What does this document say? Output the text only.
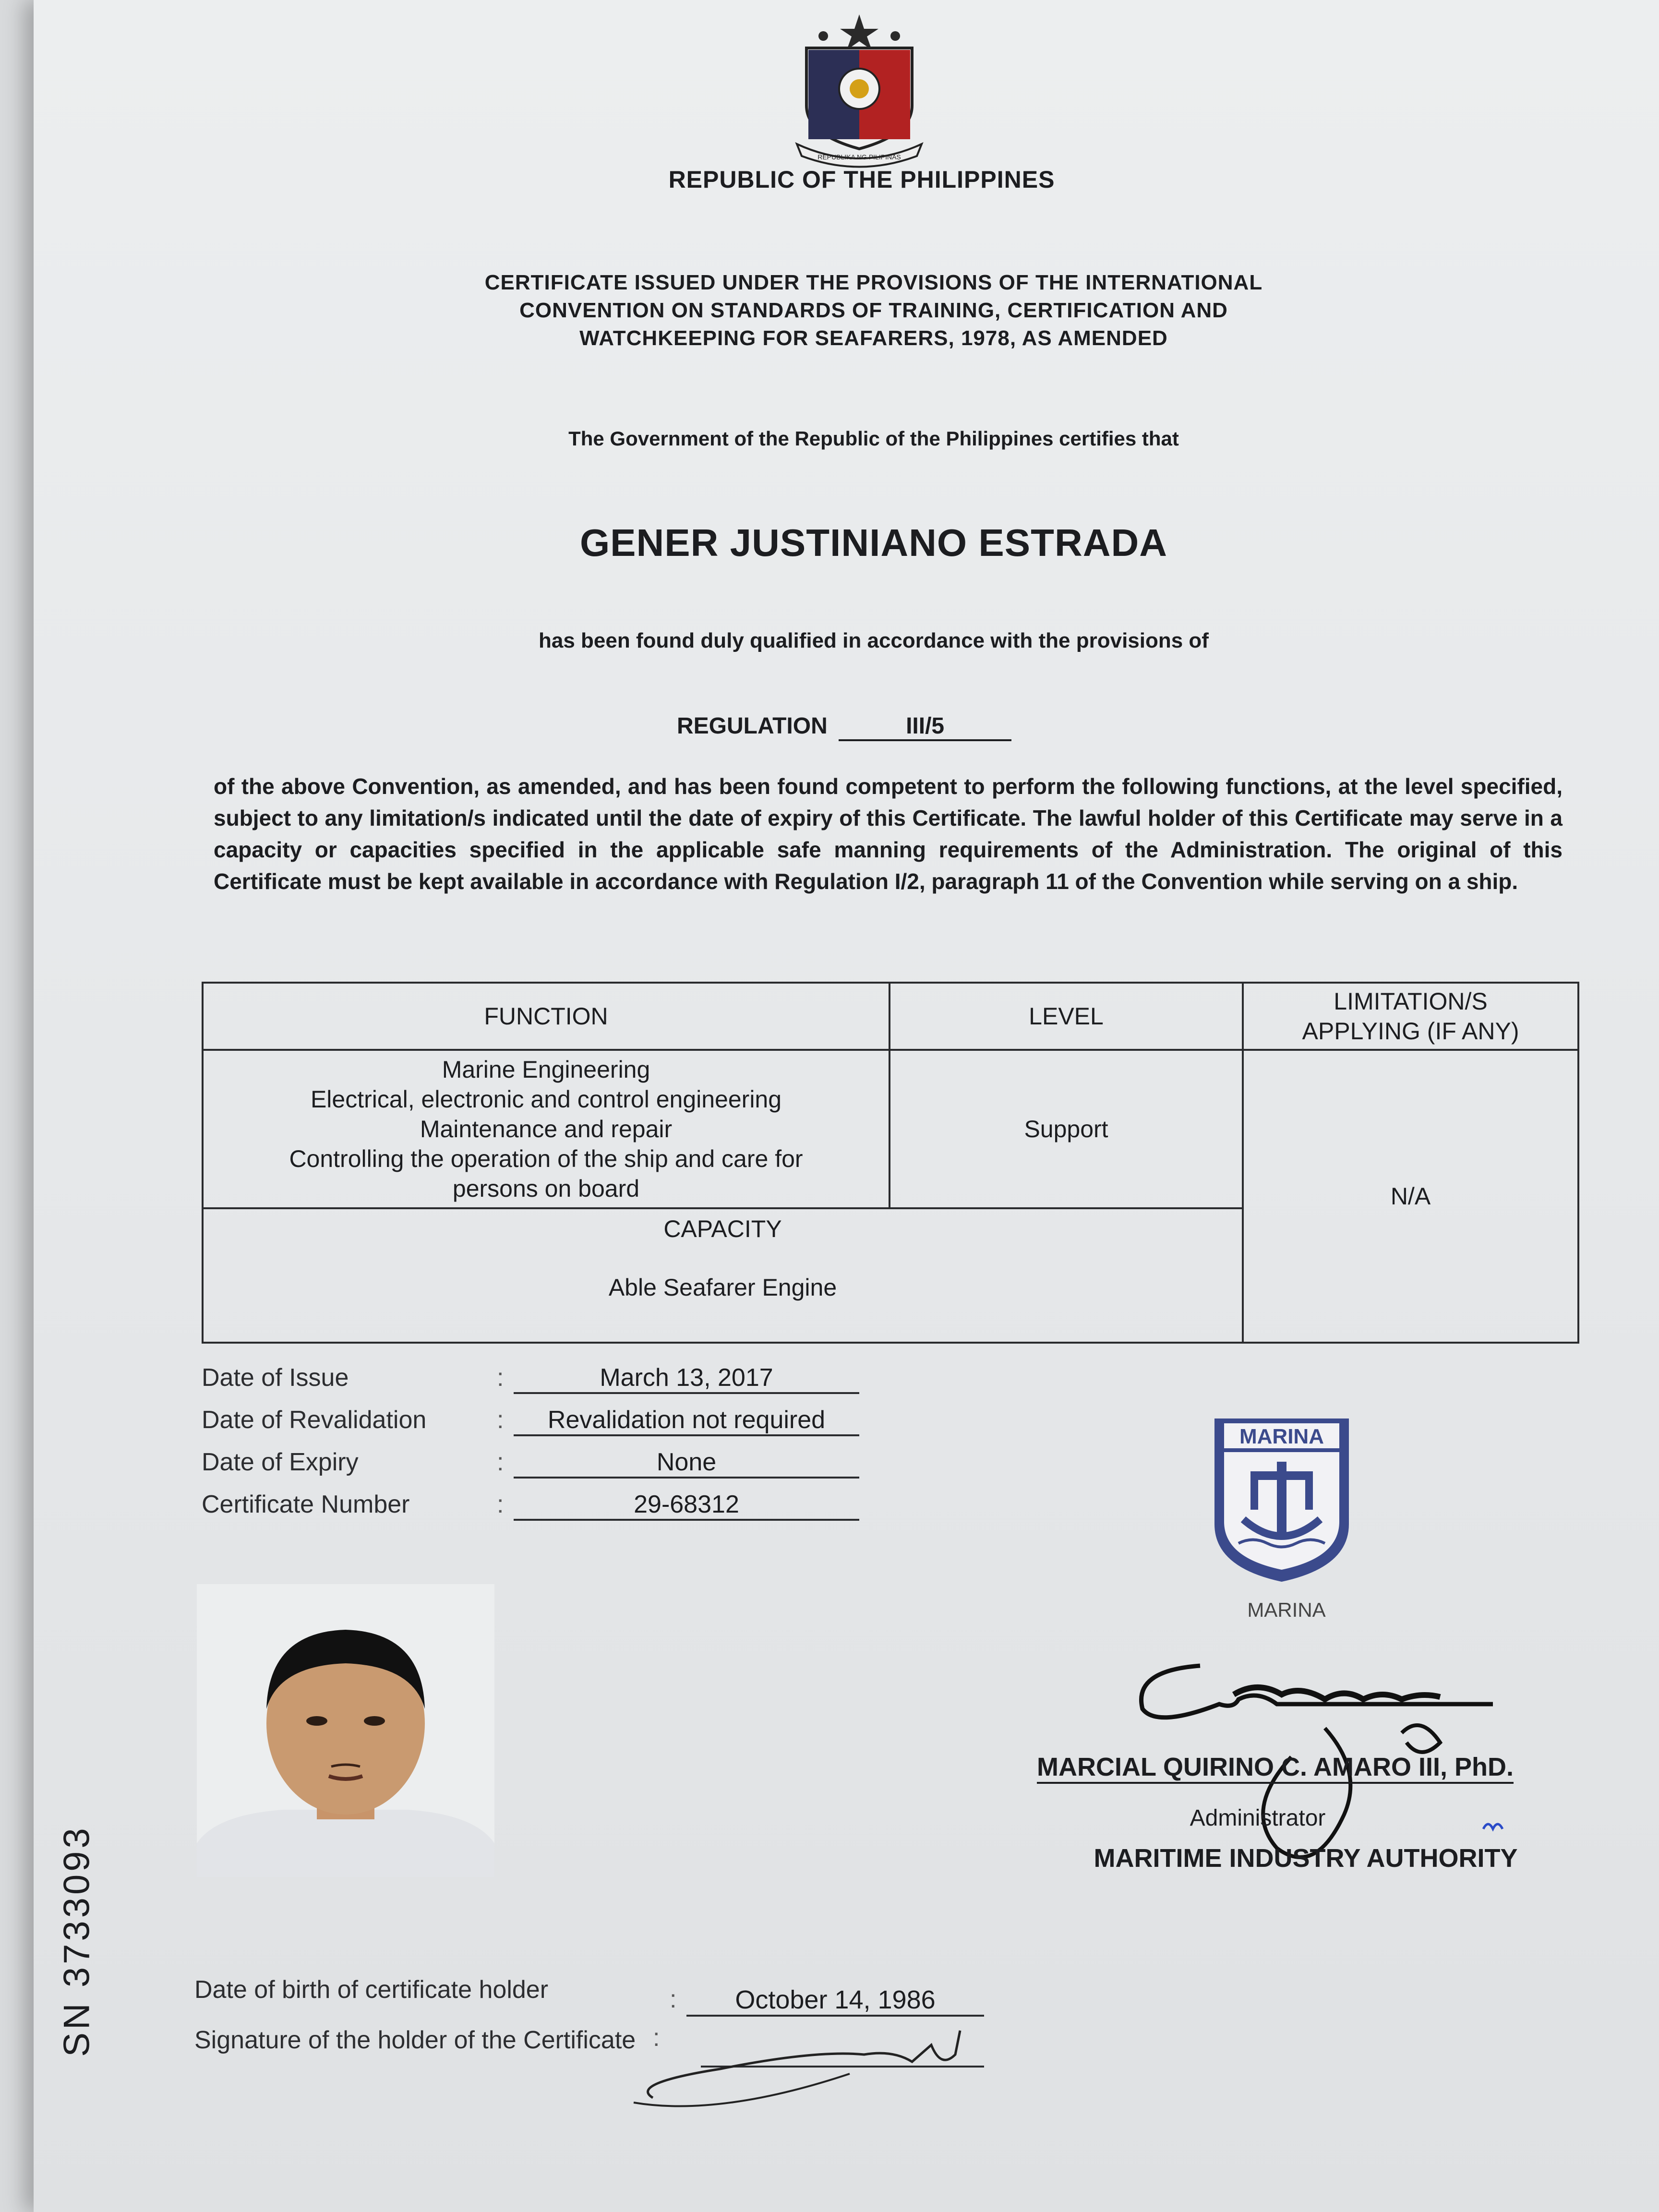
REPUBLIKA NG PILIPINAS
REPUBLIC OF THE PHILIPPINES
CERTIFICATE ISSUED UNDER THE PROVISIONS OF THE INTERNATIONAL
CONVENTION ON STANDARDS OF TRAINING, CERTIFICATION AND
WATCHKEEPING FOR SEAFARERS, 1978, AS AMENDED
The Government of the Republic of the Philippines certifies that
GENER JUSTINIANO ESTRADA
has been found duly qualified in accordance with the provisions of
REGULATION	III/5
of the above Convention, as amended, and has been found competent to perform the following functions, at the level specified, subject to any limitation/s indicated until the date of expiry of this Certificate. The lawful holder of this Certificate may serve in a capacity or capacities specified in the applicable safe manning requirements of the Administration. The original of this Certificate must be kept available in accordance with Regulation I/2, paragraph 11 of the Convention while serving on a ship.
FUNCTION	LEVEL	LIMITATION/S
APPLYING (IF ANY)

Marine Engineering
Electrical, electronic and control engineering
Maintenance and repair
Controlling the operation of the ship and care for
persons on board	Support	N/A

CAPACITY
Able Seafarer Engine		
Date of Issue	:	March 13, 2017
Date of Revalidation	:	Revalidation not required
Date of Expiry	:	None
Certificate Number	:	29-68312
MARINA
MARINA
MARCIAL QUIRINO C. AMARO III, PhD.
Administrator
MARITIME INDUSTRY AUTHORITY
Date of birth of certificate holder	:	October 14, 1986
Signature of the holder of the Certificate :
SN 3733093
